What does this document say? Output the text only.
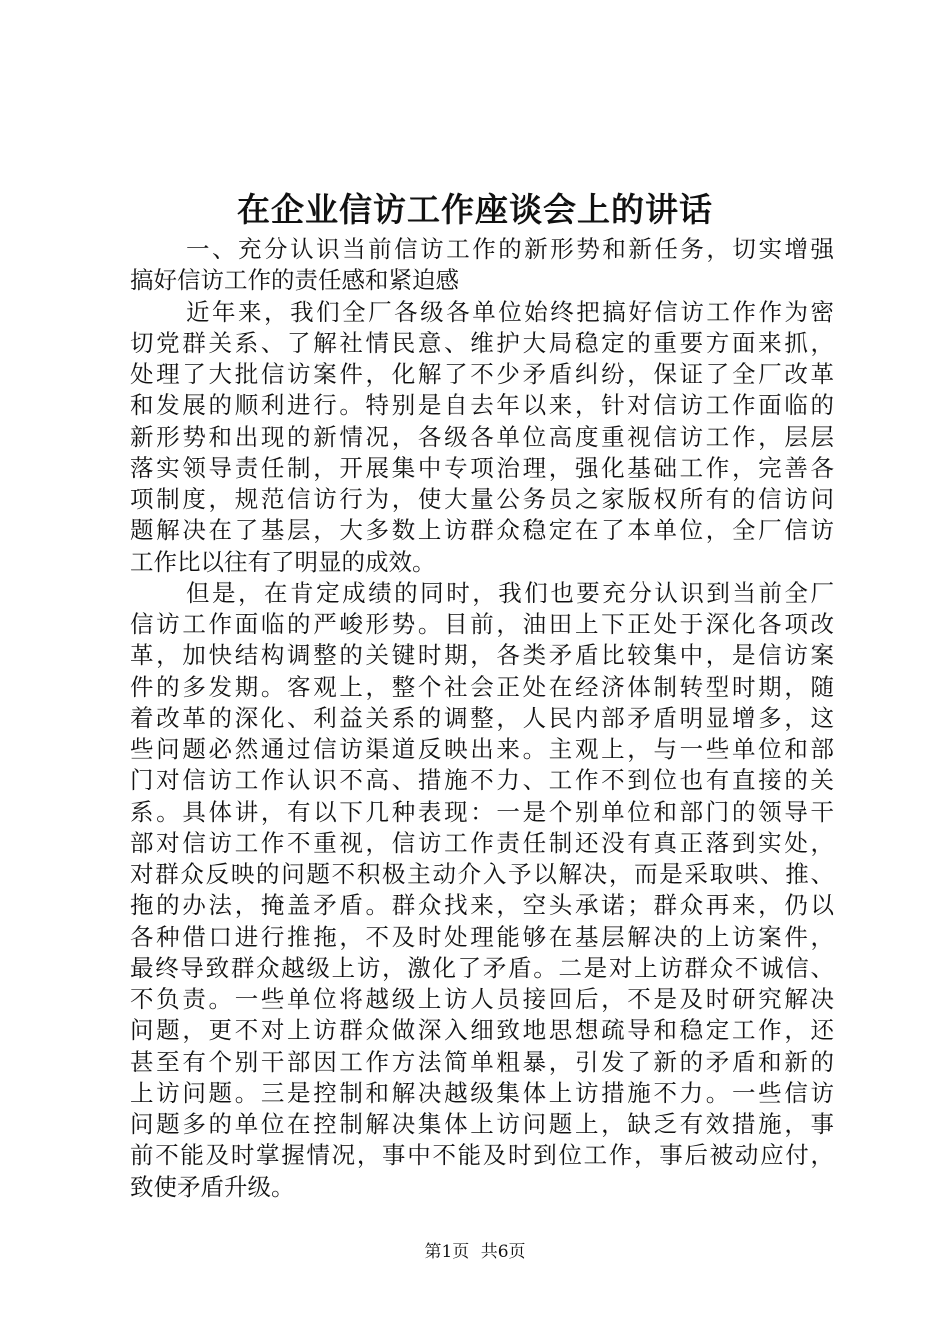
在企业信访工作座谈会上的讲话
一、充分认识当前信访工作的新形势和新任务，切实增强
搞好信访工作的责任感和紧迫感
近年来，我们全厂各级各单位始终把搞好信访工作作为密
切党群关系、了解社情民意、维护大局稳定的重要方面来抓，
处理了大批信访案件，化解了不少矛盾纠纷，保证了全厂改革
和发展的顺利进行。特别是自去年以来，针对信访工作面临的
新形势和出现的新情况，各级各单位高度重视信访工作，层层
落实领导责任制，开展集中专项治理，强化基础工作，完善各
项制度，规范信访行为，使大量公务员之家版权所有的信访问
题解决在了基层，大多数上访群众稳定在了本单位，全厂信访
工作比以往有了明显的成效。
但是，在肯定成绩的同时，我们也要充分认识到当前全厂
信访工作面临的严峻形势。目前，油田上下正处于深化各项改
革，加快结构调整的关键时期，各类矛盾比较集中，是信访案
件的多发期。客观上，整个社会正处在经济体制转型时期，随
着改革的深化、利益关系的调整，人民内部矛盾明显增多，这
些问题必然通过信访渠道反映出来。主观上，与一些单位和部
门对信访工作认识不高、措施不力、工作不到位也有直接的关
系。具体讲，有以下几种表现：一是个别单位和部门的领导干
部对信访工作不重视，信访工作责任制还没有真正落到实处，
对群众反映的问题不积极主动介入予以解决，而是采取哄、推、
拖的办法，掩盖矛盾。群众找来，空头承诺；群众再来，仍以
各种借口进行推拖，不及时处理能够在基层解决的上访案件，
最终导致群众越级上访，激化了矛盾。二是对上访群众不诚信、
不负责。一些单位将越级上访人员接回后，不是及时研究解决
问题，更不对上访群众做深入细致地思想疏导和稳定工作，还
甚至有个别干部因工作方法简单粗暴，引发了新的矛盾和新的
上访问题。三是控制和解决越级集体上访措施不力。一些信访
问题多的单位在控制解决集体上访问题上，缺乏有效措施，事
前不能及时掌握情况，事中不能及时到位工作，事后被动应付，
致使矛盾升级。
第1页 共6页
